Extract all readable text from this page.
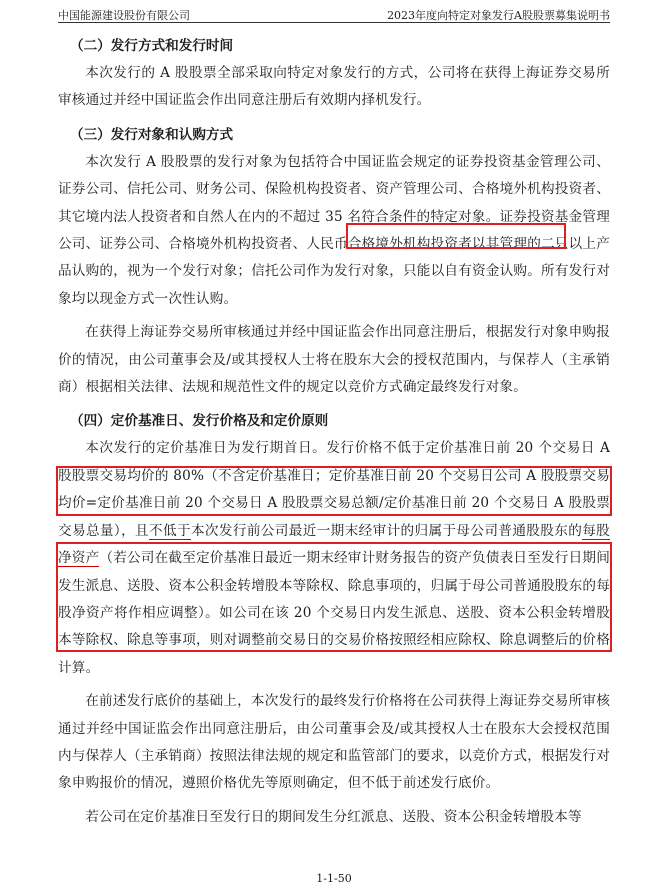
中国能源建设股份有限公司	2023年度向特定对象发行A股股票募集说明书
（二）发行方式和发行时间

本次发行的 A 股股票全部采取向特定对象发行的方式，公司将在获得上海证券交易所审核通过并经中国证监会作出同意注册后有效期内择机发行。

（三）发行对象和认购方式

本次发行 A 股股票的发行对象为包括符合中国证监会规定的证券投资基金管理公司、证券公司、信托公司、财务公司、保险机构投资者、资产管理公司、合格境外机构投资者、其它境内法人投资者和自然人在内的不超过 35 名符合条件的特定对象。证券投资基金管理公司、证券公司、合格境外机构投资者、人民币合格境外机构投资者以其管理的二只以上产品认购的，视为一个发行对象；信托公司作为发行对象，只能以自有资金认购。所有发行对象均以现金方式一次性认购。

在获得上海证券交易所审核通过并经中国证监会作出同意注册后，根据发行对象申购报价的情况，由公司董事会及/或其授权人士将在股东大会的授权范围内，与保荐人（主承销商）根据相关法律、法规和规范性文件的规定以竞价方式确定最终发行对象。

（四）定价基准日、发行价格及和定价原则

本次发行的定价基准日为发行期首日。发行价格不低于定价基准日前 20 个交易日 A 股股票交易均价的 80%（不含定价基准日；定价基准日前 20 个交易日公司 A 股股票交易均价=定价基准日前 20 个交易日 A 股股票交易总额/定价基准日前 20 个交易日 A 股股票交易总量），且不低于本次发行前公司最近一期末经审计的归属于母公司普通股股东的每股净资产（若公司在截至定价基准日最近一期末经审计财务报告的资产负债表日至发行日期间发生派息、送股、资本公积金转增股本等除权、除息事项的，归属于母公司普通股股东的每股净资产将作相应调整）。如公司在该 20 个交易日内发生派息、送股、资本公积金转增股本等除权、除息等事项，则对调整前交易日的交易价格按照经相应除权、除息调整后的价格计算。

在前述发行底价的基础上，本次发行的最终发行价格将在公司获得上海证券交易所审核通过并经中国证监会作出同意注册后，由公司董事会及/或其授权人士在股东大会授权范围内与保荐人（主承销商）按照法律法规的规定和监管部门的要求，以竞价方式，根据发行对象申购报价的情况，遵照价格优先等原则确定，但不低于前述发行底价。

若公司在定价基准日至发行日的期间发生分红派息、送股、资本公积金转增股本等

1-1-50
